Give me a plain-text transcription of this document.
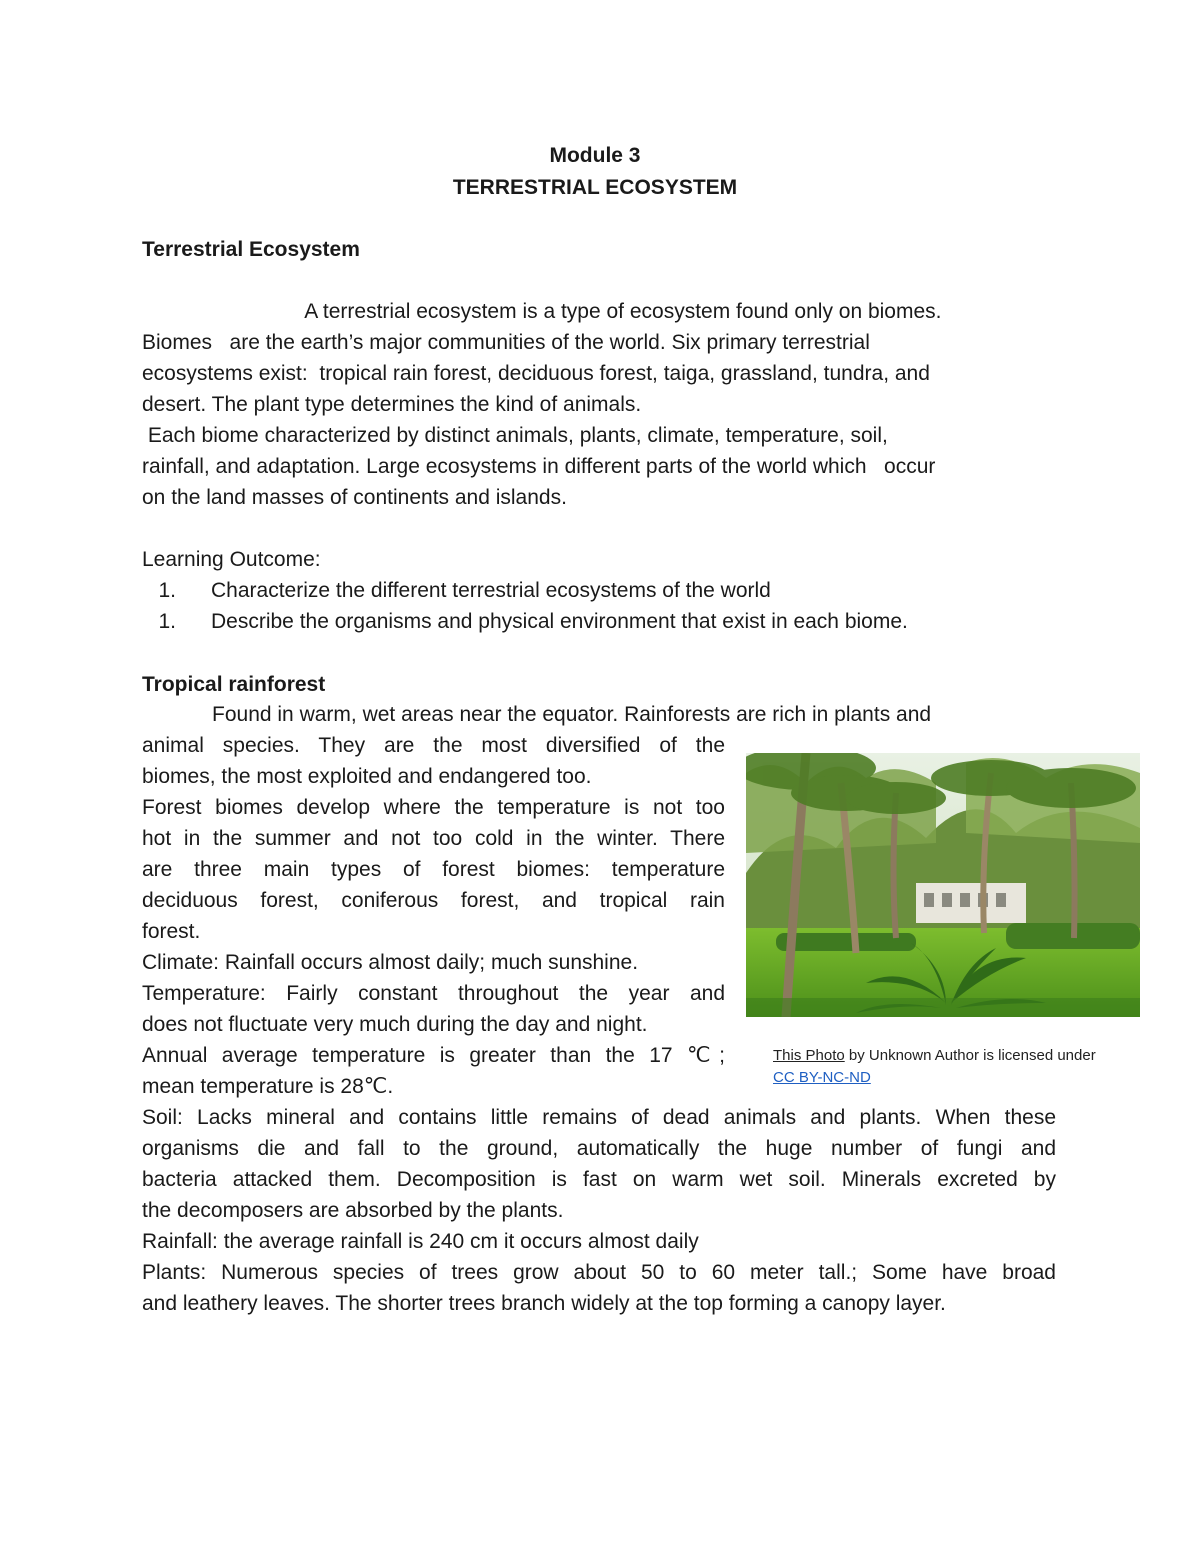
Module 3
TERRESTRIAL ECOSYSTEM
Terrestrial Ecosystem
A terrestrial ecosystem is a type of ecosystem found only on biomes.
Biomes   are the earth’s major communities of the world. Six primary terrestrial
ecosystems exist:  tropical rain forest, deciduous forest, taiga, grassland, tundra, and
desert. The plant type determines the kind of animals.
Each biome characterized by distinct animals, plants, climate, temperature, soil,
rainfall, and adaptation. Large ecosystems in different parts of the world which   occur
on the land masses of continents and islands.
Learning Outcome:
1. Characterize the different terrestrial ecosystems of the world
1. Describe the organisms and physical environment that exist in each biome.
Tropical rainforest
Found in warm, wet areas near the equator. Rainforests are rich in plants and
animal species. They are the most diversified of the
biomes, the most exploited and endangered too.
Forest biomes develop where the temperature is not too
hot in the summer and not too cold in the winter. There
are three main types of forest biomes: temperature
deciduous forest, coniferous forest, and tropical rain
forest.
Climate: Rainfall occurs almost daily; much sunshine.
Temperature: Fairly constant throughout the year and
does not fluctuate very much during the day and night.
Annual average temperature is greater than the 17 ℃;
mean temperature is 28℃.
Soil: Lacks mineral and contains little remains of dead animals and plants. When these
organisms die and fall to the ground, automatically the huge number of fungi and
bacteria attacked them. Decomposition is fast on warm wet soil. Minerals excreted by
the decomposers are absorbed by the plants.
Rainfall: the average rainfall is 240 cm it occurs almost daily
Plants: Numerous species of trees grow about 50 to 60 meter tall.; Some have broad
and leathery leaves. The shorter trees branch widely at the top forming a canopy layer.
This Photo by Unknown Author is licensed under
CC BY-NC-ND
